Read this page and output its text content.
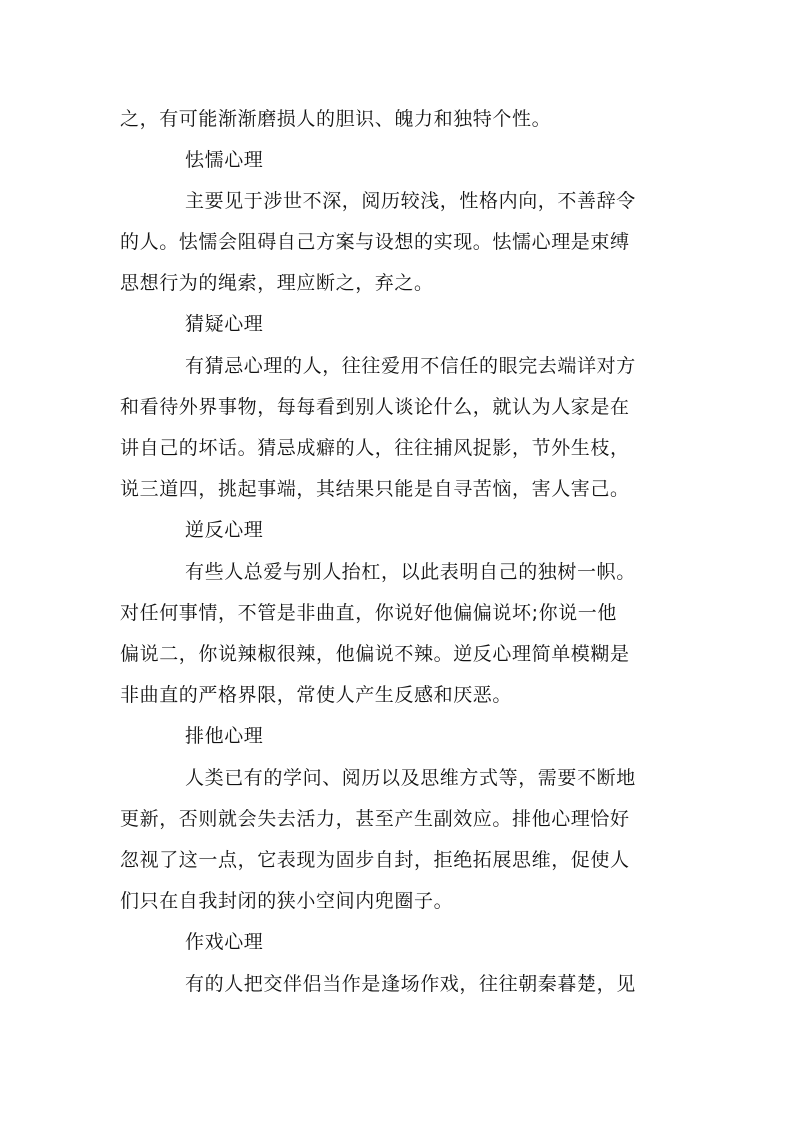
之，有可能渐渐磨损人的胆识、魄力和独特个性。
怯懦心理
主要见于涉世不深，阅历较浅，性格内向，不善辞令
的人。怯懦会阻碍自己方案与设想的实现。怯懦心理是束缚
思想行为的绳索，理应断之，弃之。
猜疑心理
有猜忌心理的人，往往爱用不信任的眼完去端详对方
和看待外界事物，每每看到别人谈论什么，就认为人家是在
讲自己的坏话。猜忌成癖的人，往往捕风捉影，节外生枝，
说三道四，挑起事端，其结果只能是自寻苦恼，害人害己。
逆反心理
有些人总爱与别人抬杠，以此表明自己的独树一帜。
对任何事情，不管是非曲直，你说好他偏偏说坏;你说一他
偏说二，你说辣椒很辣，他偏说不辣。逆反心理简单模糊是
非曲直的严格界限，常使人产生反感和厌恶。
排他心理
人类已有的学问、阅历以及思维方式等，需要不断地
更新，否则就会失去活力，甚至产生副效应。排他心理恰好
忽视了这一点，它表现为固步自封，拒绝拓展思维，促使人
们只在自我封闭的狭小空间内兜圈子。
作戏心理
有的人把交伴侣当作是逢场作戏，往往朝秦暮楚，见
